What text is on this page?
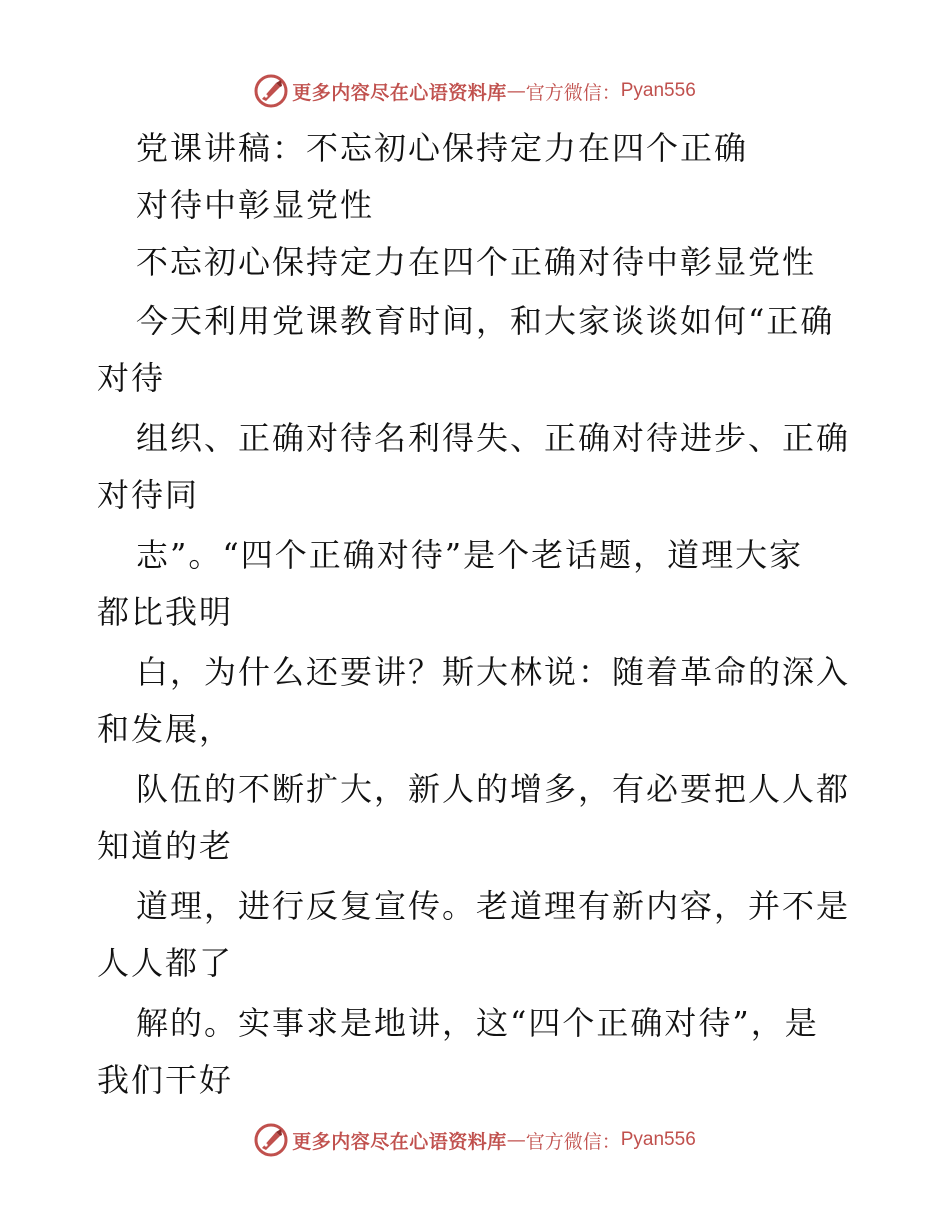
更多内容尽在心语资料库 — 官方微信： Pyan556
党课讲稿：不忘初心保持定力在四个正确
对待中彰显党性
不忘初心保持定力在四个正确对待中彰显党性
今天利用党课教育时间，和大家谈谈如何“正确
对待
组织、正确对待名利得失、正确对待进步、正确
对待同
志”。“四个正确对待”是个老话题，道理大家
都比我明
白，为什么还要讲？斯大林说：随着革命的深入
和发展，
队伍的不断扩大，新人的增多，有必要把人人都
知道的老
道理，进行反复宣传。老道理有新内容，并不是
人人都了
解的。实事求是地讲，这“四个正确对待”，是
我们干好
更多内容尽在心语资料库 — 官方微信： Pyan556
